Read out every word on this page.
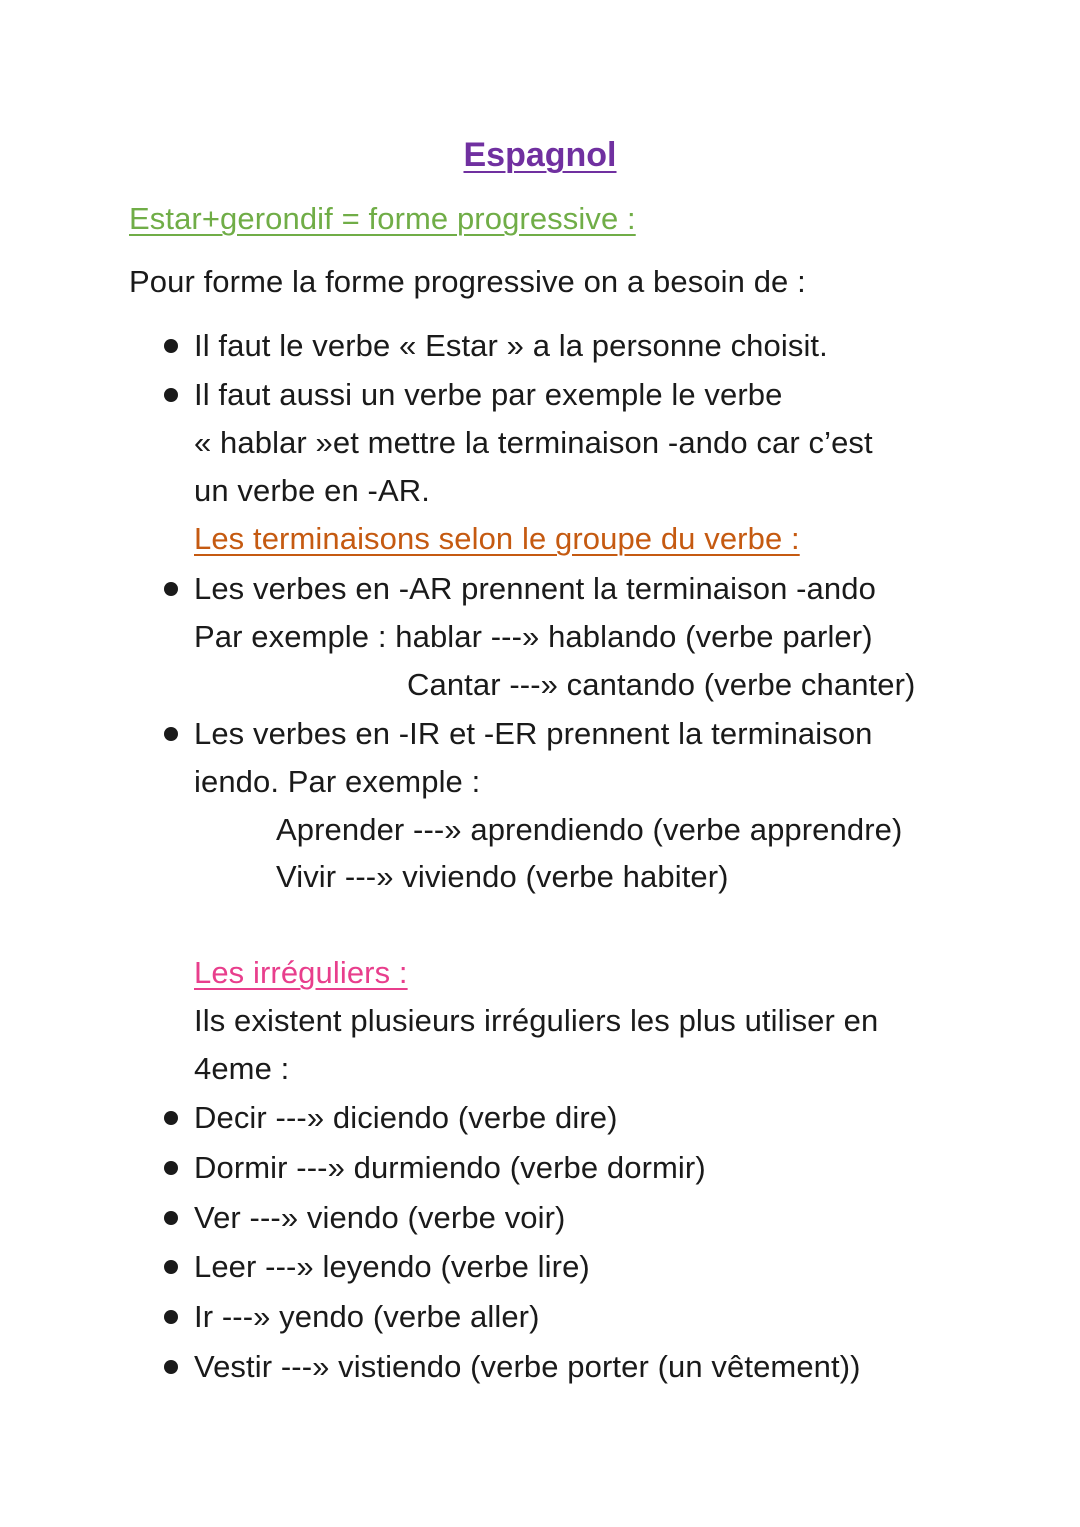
Espagnol
Estar+gerondif = forme progressive :
Pour forme la forme progressive on a besoin de :
Il faut le verbe « Estar » a la personne choisit.
Il faut aussi un verbe par exemple le verbe
« hablar »et mettre la terminaison -ando car c’est
un verbe en -AR.
Les terminaisons selon le groupe du verbe :
Les verbes en -AR prennent la terminaison -ando
Par exemple : hablar ---» hablando (verbe parler)
Cantar ---» cantando (verbe chanter)
Les verbes en -IR et -ER prennent la terminaison
iendo. Par exemple :
Aprender ---» aprendiendo (verbe apprendre)
Vivir ---» viviendo (verbe habiter)
Les irréguliers :
Ils existent plusieurs irréguliers les plus utiliser en
4eme :
Decir ---» diciendo (verbe dire)
Dormir ---» durmiendo (verbe dormir)
Ver ---» viendo (verbe voir)
Leer ---» leyendo (verbe lire)
Ir ---» yendo (verbe aller)
Vestir ---» vistiendo (verbe porter (un vêtement))
